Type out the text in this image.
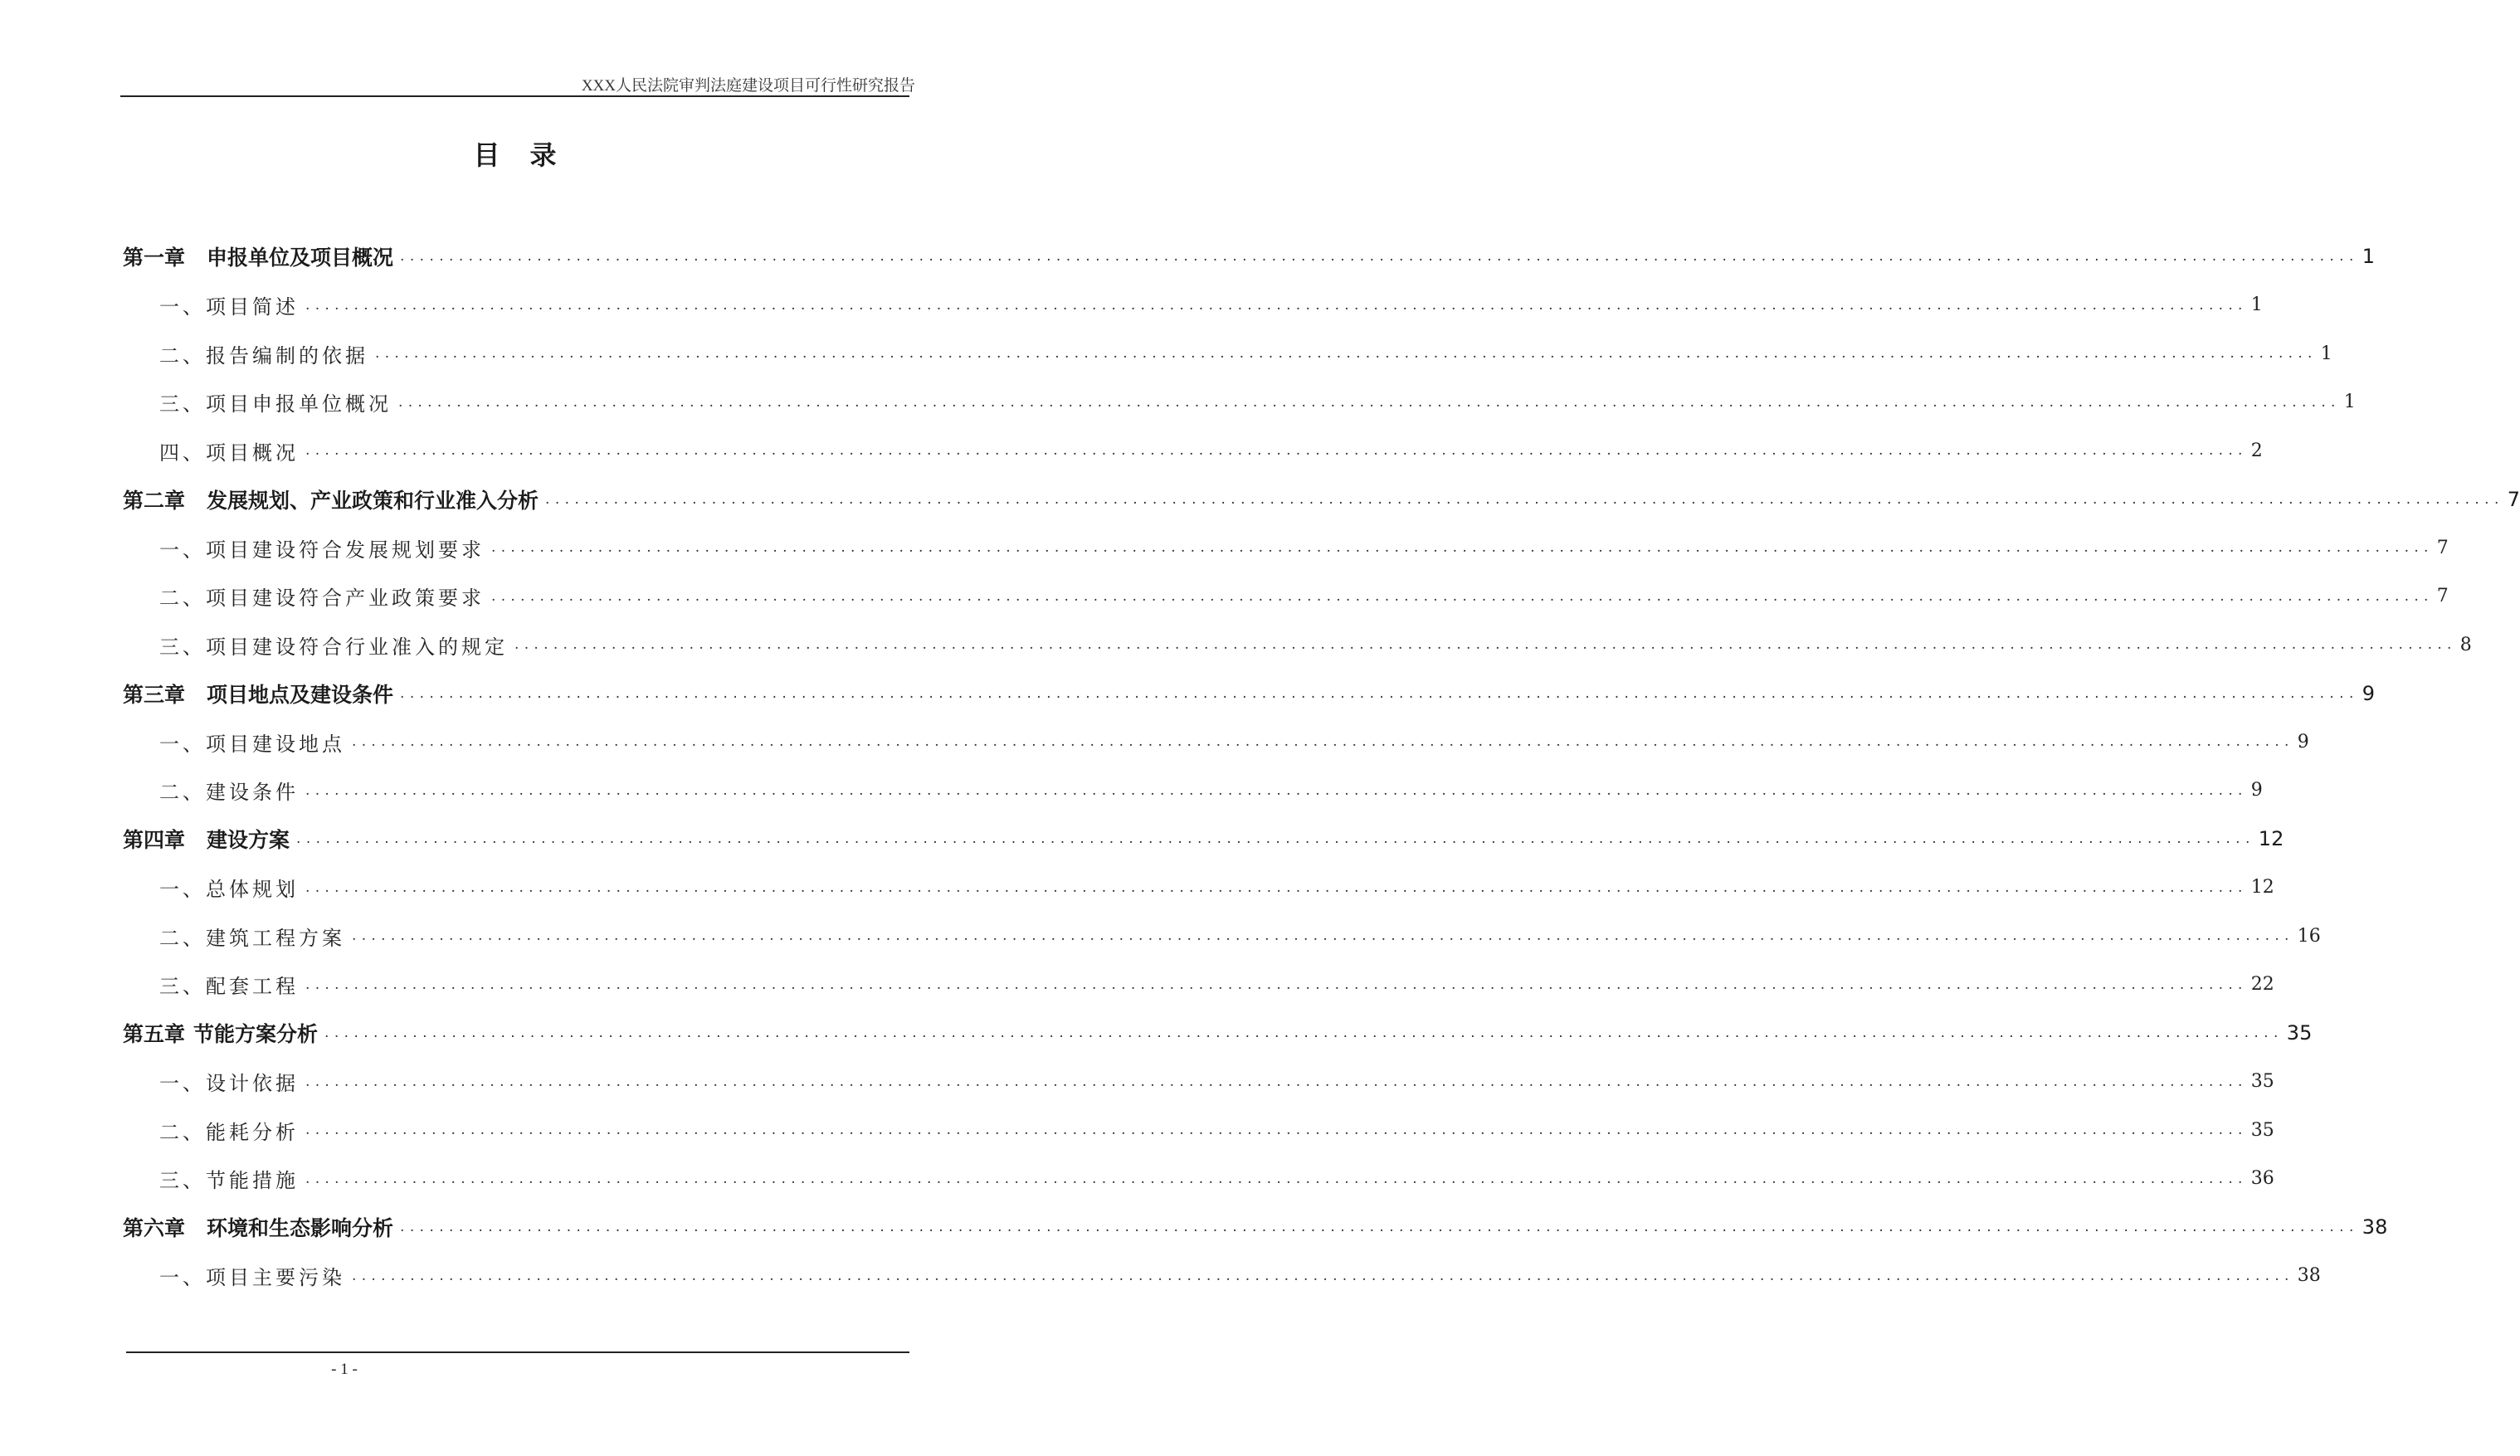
XXX人民法院审判法庭建设项目可行性研究报告
目 录
第一章 申报单位及项目概况 ........................................................................................................................................................................................................ 1
一、项目简述 ........................................................................................................................................................................................................ 1
二、报告编制的依据 ........................................................................................................................................................................................................ 1
三、项目申报单位概况 ........................................................................................................................................................................................................ 1
四、项目概况 ........................................................................................................................................................................................................ 2
第二章 发展规划、产业政策和行业准入分析 ........................................................................................................................................................................................................ 7
一、项目建设符合发展规划要求 ........................................................................................................................................................................................................ 7
二、项目建设符合产业政策要求 ........................................................................................................................................................................................................ 7
三、项目建设符合行业准入的规定 ........................................................................................................................................................................................................ 8
第三章 项目地点及建设条件 ........................................................................................................................................................................................................ 9
一、项目建设地点 ........................................................................................................................................................................................................ 9
二、建设条件 ........................................................................................................................................................................................................ 9
第四章 建设方案 ........................................................................................................................................................................................................ 12
一、总体规划 ........................................................................................................................................................................................................ 12
二、建筑工程方案 ........................................................................................................................................................................................................ 16
三、配套工程 ........................................................................................................................................................................................................ 22
第五章 节能方案分析 ........................................................................................................................................................................................................ 35
一、设计依据 ........................................................................................................................................................................................................ 35
二、能耗分析 ........................................................................................................................................................................................................ 35
三、节能措施 ........................................................................................................................................................................................................ 36
第六章 环境和生态影响分析 ........................................................................................................................................................................................................ 38
一、项目主要污染 ........................................................................................................................................................................................................ 38
- 1 -
